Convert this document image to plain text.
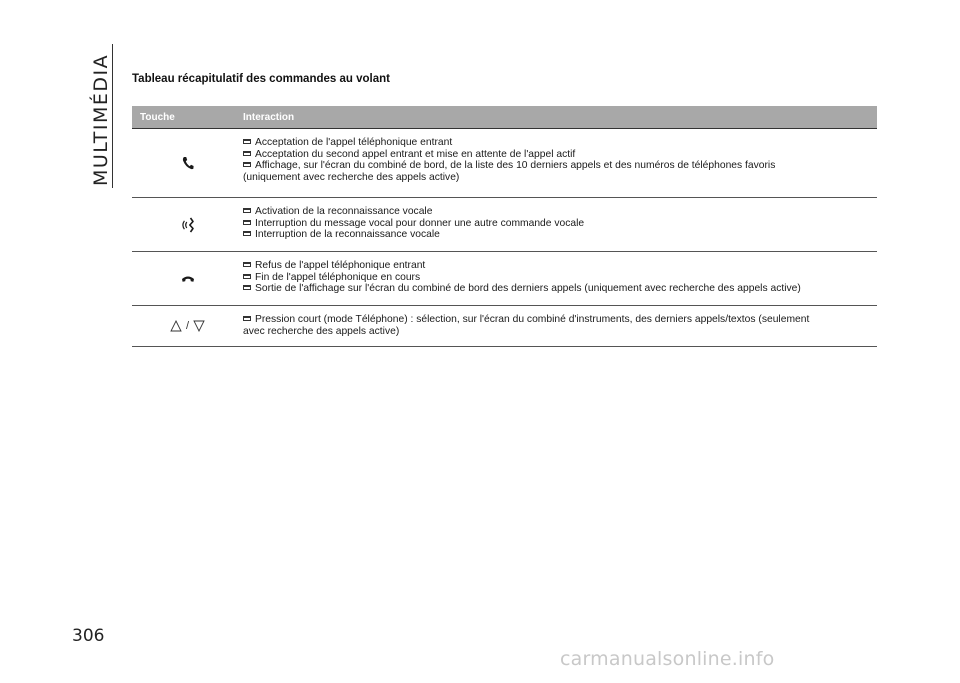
MULTIMÉDIA
306
Tableau récapitulatif des commandes au volant
Touche	Interaction
Acceptation de l'appel téléphonique entrant
Acceptation du second appel entrant et mise en attente de l'appel actif
Affichage, sur l'écran du combiné de bord, de la liste des 10 derniers appels et des numéros de téléphones favoris
(uniquement avec recherche des appels active)
Activation de la reconnaissance vocale
Interruption du message vocal pour donner une autre commande vocale
Interruption de la reconnaissance vocale
Refus de l'appel téléphonique entrant
Fin de l'appel téléphonique en cours
Sortie de l'affichage sur l'écran du combiné de bord des derniers appels (uniquement avec recherche des appels active)
/
Pression court (mode Téléphone) : sélection, sur l'écran du combiné d'instruments, des derniers appels/textos (seulement
avec recherche des appels active)
carmanualsonline.info
